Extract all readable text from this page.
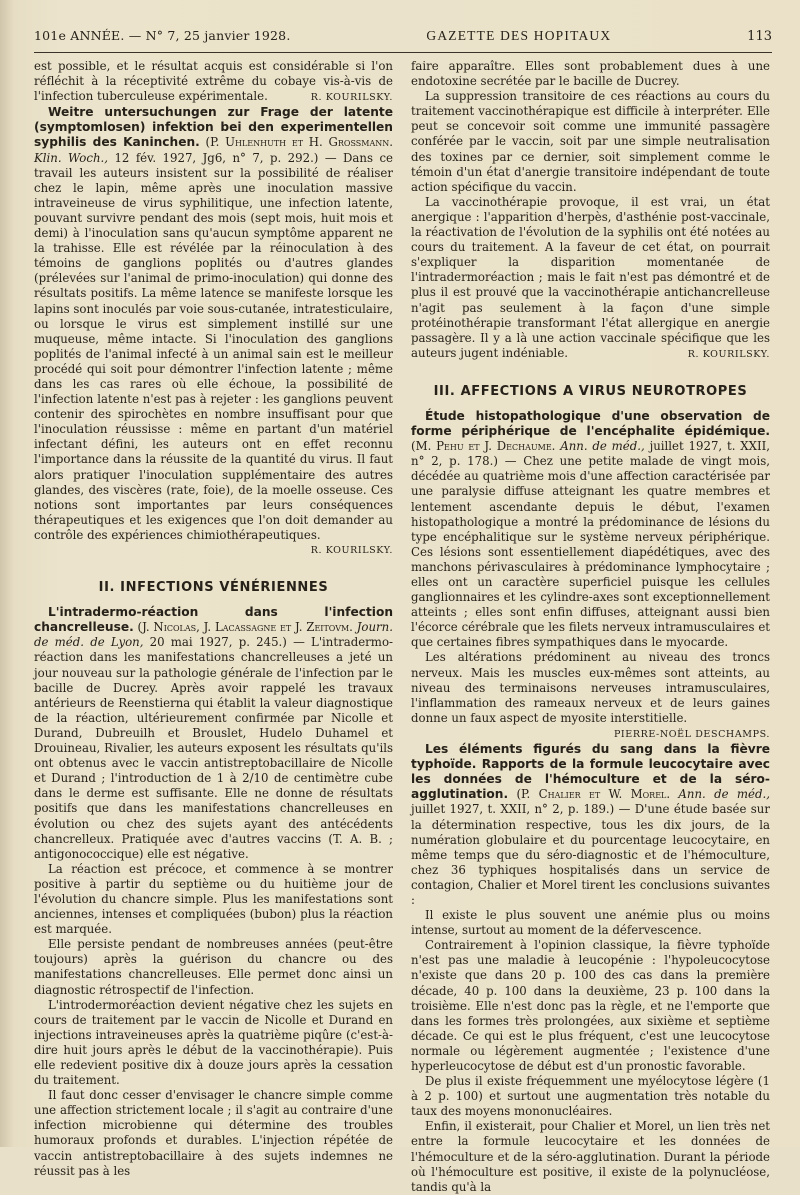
101e ANNÉE. — N° 7, 25 janvier 1928.	GAZETTE DES HOPITAUX	113

est possible, et le résultat acquis est considérable si l'on réfléchit à la réceptivité extrême du cobaye vis-à-vis de l'infection tuberculeuse expérimentale.	R. KOURILSKY.

Weitre untersuchungen zur Frage der latente (symptomlosen) infektion bei den experimentellen syphilis des Kaninchen. (P. Uhlenhuth et H. Grossmann. Klin. Woch., 12 fév. 1927, Jg6, n° 7, p. 292.) — Dans ce travail les auteurs insistent sur la possibilité de réaliser chez le lapin, même après une inoculation massive intraveineuse de virus syphilitique, une infection latente, pouvant survivre pendant des mois (sept mois, huit mois et demi) à l'inoculation sans qu'aucun symptôme apparent ne la trahisse. Elle est révélée par la réinoculation à des témoins de ganglions poplités ou d'autres glandes (prélevées sur l'animal de primo-inoculation) qui donne des résultats positifs. La même latence se manifeste lorsque les lapins sont inoculés par voie sous-cutanée, intratesticulaire, ou lorsque le virus est simplement instillé sur une muqueuse, même intacte. Si l'inoculation des ganglions poplités de l'animal infecté à un animal sain est le meilleur procédé qui soit pour démontrer l'infection latente ; même dans les cas rares où elle échoue, la possibilité de l'infection latente n'est pas à rejeter : les ganglions peuvent contenir des spirochètes en nombre insuffisant pour que l'inoculation réussisse : même en partant d'un matériel infectant défini, les auteurs ont en effet reconnu l'importance dans la réussite de la quantité du virus. Il faut alors pratiquer l'inoculation supplémentaire des autres glandes, des viscères (rate, foie), de la moelle osseuse. Ces notions sont importantes par leurs conséquences thérapeutiques et les exigences que l'on doit demander au contrôle des expériences chimiothérapeutiques.

R. KOURILSKY.

II. INFECTIONS VÉNÉRIENNES

L'intradermo-réaction dans l'infection chancrelleuse. (J. Nicolas, J. Lacassagne et J. Zeitovm. Journ. de méd. de Lyon, 20 mai 1927, p. 245.) — L'intradermo-réaction dans les manifestations chancrelleuses a jeté un jour nouveau sur la pathologie générale de l'infection par le bacille de Ducrey. Après avoir rappelé les travaux antérieurs de Reenstierna qui établit la valeur diagnostique de la réaction, ultérieurement confirmée par Nicolle et Durand, Dubreuilh et Brouslet, Hudelo Duhamel et Drouineau, Rivalier, les auteurs exposent les résultats qu'ils ont obtenus avec le vaccin antistreptobacillaire de Nicolle et Durand ; l'introduction de 1 à 2/10 de centimètre cube dans le derme est suffisante. Elle ne donne de résultats positifs que dans les manifestations chancrelleuses en évolution ou chez des sujets ayant des antécédents chancrelleux. Pratiquée avec d'autres vaccins (T. A. B. ; antigonococcique) elle est négative.

La réaction est précoce, et commence à se montrer positive à partir du septième ou du huitième jour de l'évolution du chancre simple. Plus les manifestations sont anciennes, intenses et compliquées (bubon) plus la réaction est marquée.

Elle persiste pendant de nombreuses années (peut-être toujours) après la guérison du chancre ou des manifestations chancrelleuses. Elle permet donc ainsi un diagnostic rétrospectif de l'infection.

L'introdermoréaction devient négative chez les sujets en cours de traitement par le vaccin de Nicolle et Durand en injections intraveineuses après la quatrième piqûre (c'est-à-dire huit jours après le début de la vaccinothérapie). Puis elle redevient positive dix à douze jours après la cessation du traitement.

Il faut donc cesser d'envisager le chancre simple comme une affection strictement locale ; il s'agit au contraire d'une infection microbienne qui détermine des troubles humoraux profonds et durables. L'injection répétée de vaccin antistreptobacillaire à des sujets indemnes ne réussit pas à les

faire apparaître. Elles sont probablement dues à une endotoxine secrétée par le bacille de Ducrey.

La suppression transitoire de ces réactions au cours du traitement vaccinothérapique est difficile à interpréter. Elle peut se concevoir soit comme une immunité passagère conférée par le vaccin, soit par une simple neutralisation des toxines par ce dernier, soit simplement comme le témoin d'un état d'anergie transitoire indépendant de toute action spécifique du vaccin.

La vaccinothérapie provoque, il est vrai, un état anergique : l'apparition d'herpès, d'asthénie post-vaccinale, la réactivation de l'évolution de la syphilis ont été notées au cours du traitement. A la faveur de cet état, on pourrait s'expliquer la disparition momentanée de l'intradermoréaction ; mais le fait n'est pas démontré et de plus il est prouvé que la vaccinothérapie antichancrelleuse n'agit pas seulement à la façon d'une simple protéinothérapie transformant l'état allergique en anergie passagère. Il y a là une action vaccinale spécifique que les auteurs jugent indéniable.	R. KOURILSKY.

III. AFFECTIONS A VIRUS NEUROTROPES

Étude histopathologique d'une observation de forme périphérique de l'encéphalite épidémique. (M. Pehu et J. Dechaume. Ann. de méd., juillet 1927, t. XXII, n° 2, p. 178.) — Chez une petite malade de vingt mois, décédée au quatrième mois d'une affection caractérisée par une paralysie diffuse atteignant les quatre membres et lentement ascendante depuis le début, l'examen histopathologique a montré la prédominance de lésions du type encéphalitique sur le système nerveux périphérique. Ces lésions sont essentiellement diapédétiques, avec des manchons périvasculaires à prédominance lymphocytaire ; elles ont un caractère superficiel puisque les cellules ganglionnaires et les cylindre-axes sont exceptionnellement atteints ; elles sont enfin diffuses, atteignant aussi bien l'écorce cérébrale que les filets nerveux intramusculaires et que certaines fibres sympathiques dans le myocarde.

Les altérations prédominent au niveau des troncs nerveux. Mais les muscles eux-mêmes sont atteints, au niveau des terminaisons nerveuses intramusculaires, l'inflammation des rameaux nerveux et de leurs gaines donne un faux aspect de myosite interstitielle.
PIERRE-NOËL DESCHAMPS.

Les éléments figurés du sang dans la fièvre typhoïde. Rapports de la formule leucocytaire avec les données de l'hémoculture et de la séro-agglutination. (P. Chalier et W. Morel. Ann. de méd., juillet 1927, t. XXII, n° 2, p. 189.) — D'une étude basée sur la détermination respective, tous les dix jours, de la numération globulaire et du pourcentage leucocytaire, en même temps que du séro-diagnostic et de l'hémoculture, chez 36 typhiques hospitalisés dans un service de contagion, Chalier et Morel tirent les conclusions suivantes :

Il existe le plus souvent une anémie plus ou moins intense, surtout au moment de la défervescence.

Contrairement à l'opinion classique, la fièvre typhoïde n'est pas une maladie à leucopénie : l'hypoleucocytose n'existe que dans 20 p. 100 des cas dans la première décade, 40 p. 100 dans la deuxième, 23 p. 100 dans la troisième. Elle n'est donc pas la règle, et ne l'emporte que dans les formes très prolongées, aux sixième et septième décade. Ce qui est le plus fréquent, c'est une leucocytose normale ou légèrement augmentée ; l'existence d'une hyperleucocytose de début est d'un pronostic favorable.

De plus il existe fréquemment une myélocytose légère (1 à 2 p. 100) et surtout une augmentation très notable du taux des moyens mononucléaires.

Enfin, il existerait, pour Chalier et Morel, un lien très net entre la formule leucocytaire et les données de l'hémoculture et de la séro-agglutination. Durant la période où l'hémoculture est positive, il existe de la polynucléose, tandis qu'à la
